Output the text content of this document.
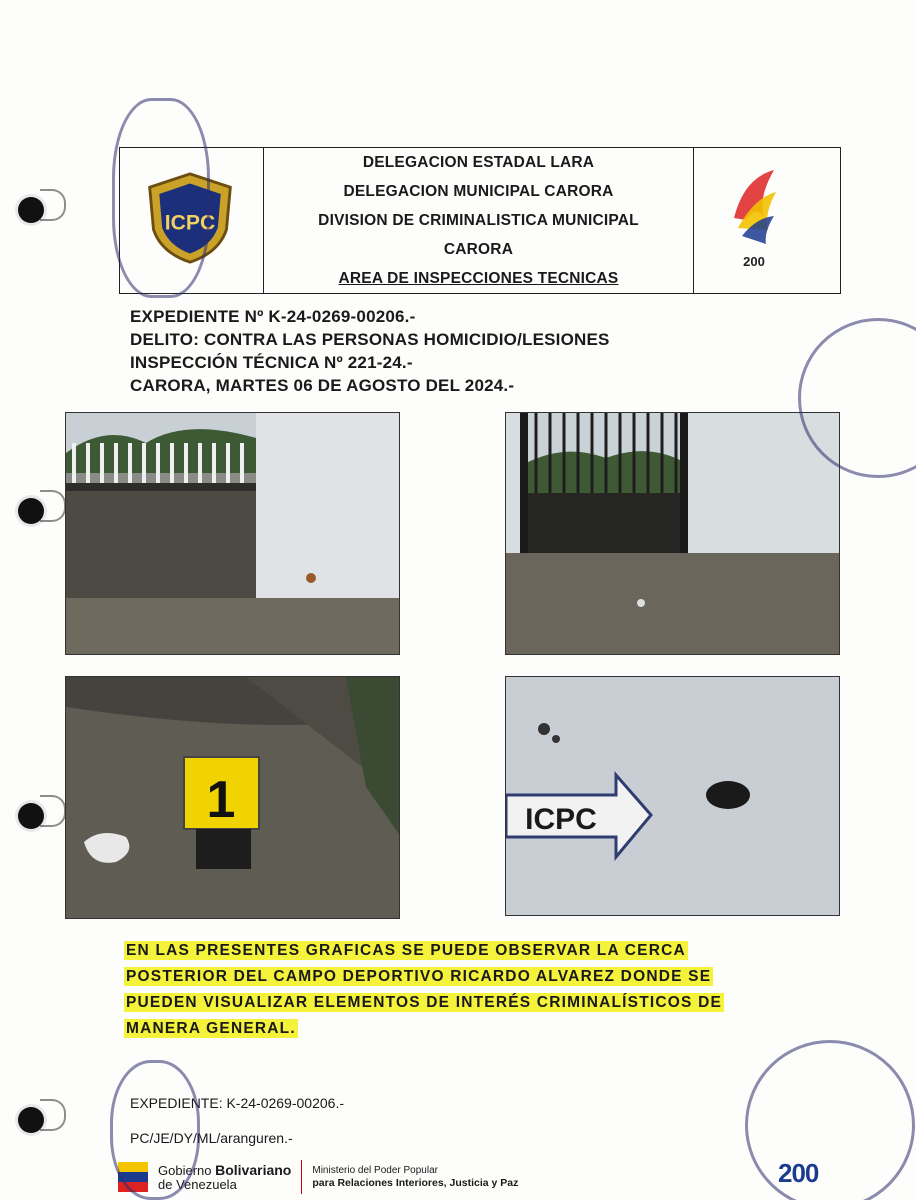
ICPC
DELEGACION ESTADAL LARA
DELEGACION MUNICIPAL CARORA
DIVISION DE CRIMINALISTICA MUNICIPAL
CARORA
AREA DE INSPECCIONES TECNICAS
200
EXPEDIENTE Nº K-24-0269-00206.-
DELITO: CONTRA LAS PERSONAS HOMICIDIO/LESIONES
INSPECCIÓN TÉCNICA Nº 221-24.-
CARORA, MARTES 06 DE AGOSTO DEL 2024.-
1	ICPC
EN LAS PRESENTES GRAFICAS SE PUEDE OBSERVAR LA CERCA
POSTERIOR DEL CAMPO DEPORTIVO RICARDO ALVAREZ DONDE SE
PUEDEN VISUALIZAR ELEMENTOS DE INTERÉS CRIMINALÍSTICOS DE
MANERA GENERAL.
EXPEDIENTE: K-24-0269-00206.-
PC/JE/DY/ML/aranguren.-
Gobierno Bolivariano
de Venezuela
Ministerio del Poder Popular
para Relaciones Interiores, Justicia y Paz	200
